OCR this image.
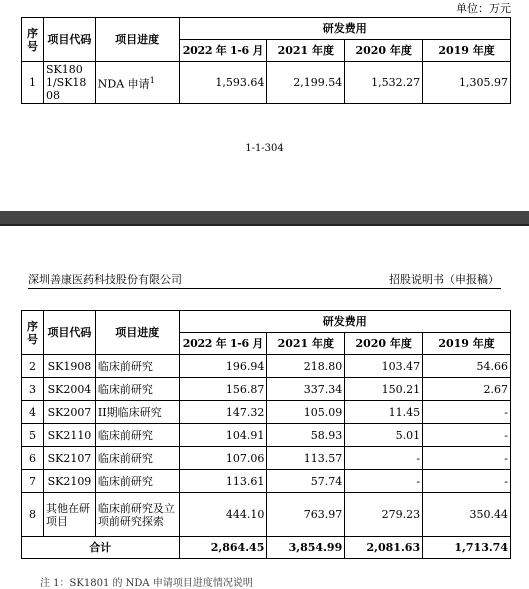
单位：万元
序号	项目代码	项目进度	研发费用			
			2022 年 1-6 月	2021 年度	2020 年度	2019 年度
1	SK1801/SK1808	NDA 申请$^1$	1,593.64	2,199.54	1,532.27	1,305.97
1-1-304
深圳善康医药科技股份有限公司	招股说明书（申报稿）
序号	项目代码	项目进度	研发费用			
			2022 年 1-6 月	2021 年度	2020 年度	2019 年度
2	SK1908	临床前研究	196.94	218.80	103.47	54.66
3	SK2004	临床前研究	156.87	337.34	150.21	2.67
4	SK2007	II期临床研究	147.32	105.09	11.45	-
5	SK2110	临床前研究	104.91	58.93	5.01	-
6	SK2107	临床前研究	107.06	113.57	-	-
7	SK2109	临床前研究	113.61	57.74	-	-
8	其他在研项目	临床前研究及立项前研究探索	444.10	763.97	279.23	350.44
合计			2,864.45	3,854.99	2,081.63	1,713.74
注 1：SK1801 的 NDA 申请项目进度情况说明
